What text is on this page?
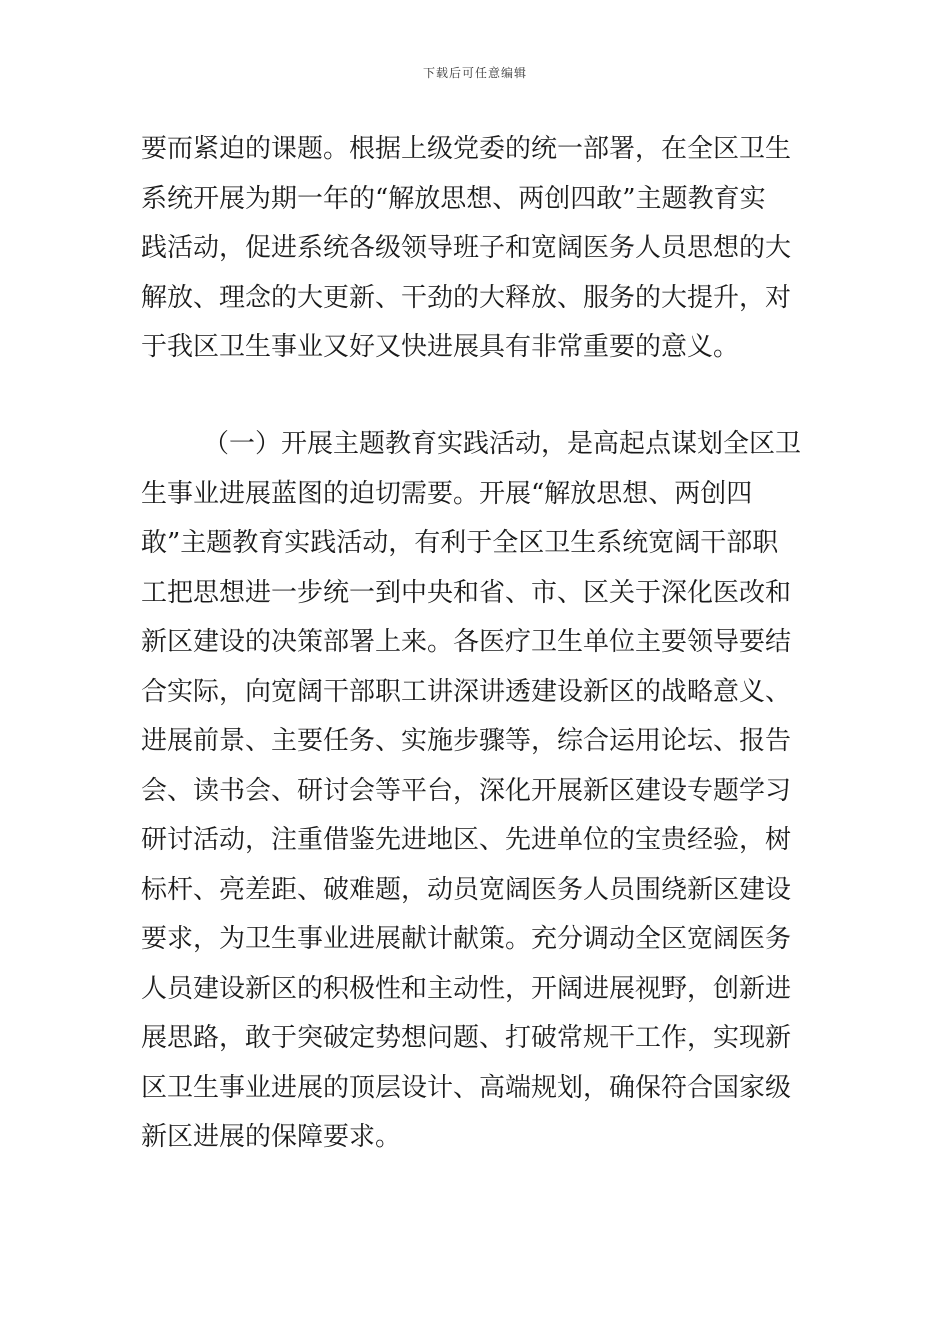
下载后可任意编辑
要而紧迫的课题。根据上级党委的统一部署，在全区卫生
系统开展为期一年的“解放思想、两创四敢”主题教育实
践活动，促进系统各级领导班子和宽阔医务人员思想的大
解放、理念的大更新、干劲的大释放、服务的大提升，对
于我区卫生事业又好又快进展具有非常重要的意义。
（一）开展主题教育实践活动，是高起点谋划全区卫
生事业进展蓝图的迫切需要。开展“解放思想、两创四
敢”主题教育实践活动，有利于全区卫生系统宽阔干部职
工把思想进一步统一到中央和省、市、区关于深化医改和
新区建设的决策部署上来。各医疗卫生单位主要领导要结
合实际，向宽阔干部职工讲深讲透建设新区的战略意义、
进展前景、主要任务、实施步骤等，综合运用论坛、报告
会、读书会、研讨会等平台，深化开展新区建设专题学习
研讨活动，注重借鉴先进地区、先进单位的宝贵经验，树
标杆、亮差距、破难题，动员宽阔医务人员围绕新区建设
要求，为卫生事业进展献计献策。充分调动全区宽阔医务
人员建设新区的积极性和主动性，开阔进展视野，创新进
展思路，敢于突破定势想问题、打破常规干工作，实现新
区卫生事业进展的顶层设计、高端规划，确保符合国家级
新区进展的保障要求。
